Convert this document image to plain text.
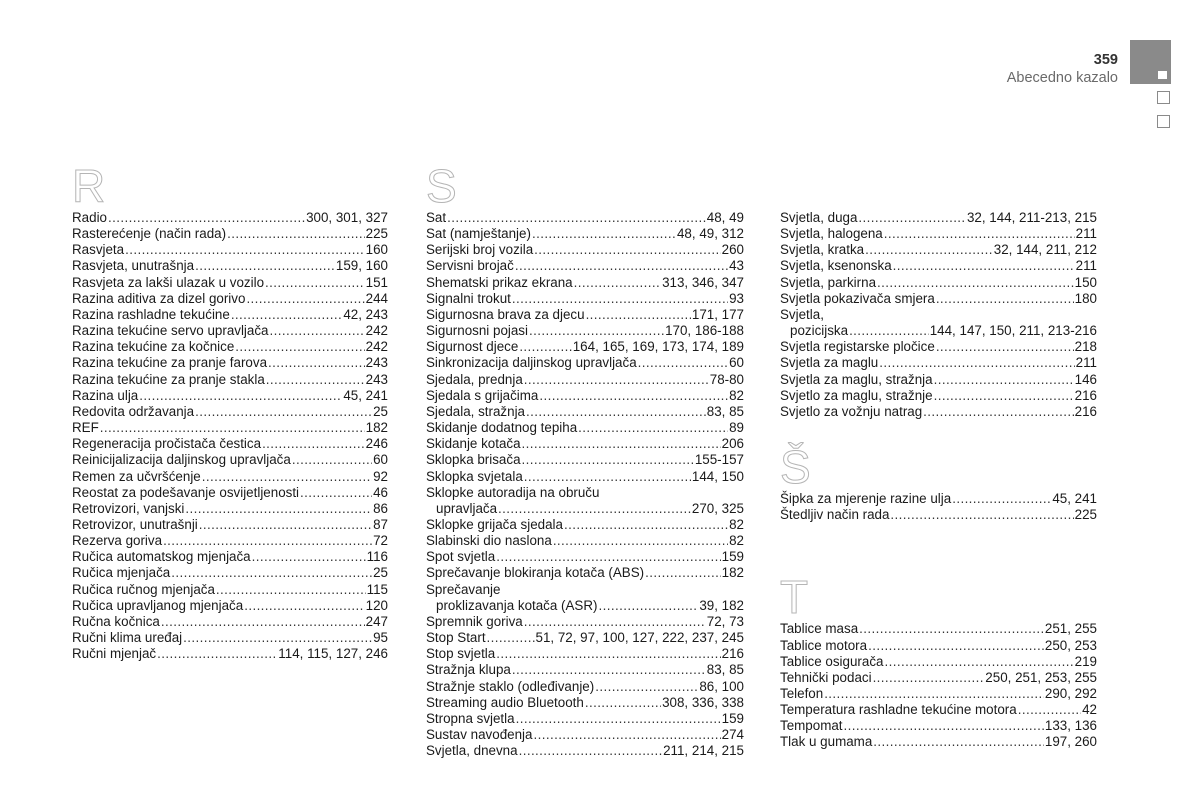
359
Abecedno kazalo
R
Radio .....	300, 301, 327
Rasterećenje (način rada) .....	225
Rasvjeta .....	160
Rasvjeta, unutrašnja .....	159, 160
Rasvjeta za lakši ulazak u vozilo .....	151
Razina aditiva za dizel gorivo .....	244
Razina rashladne tekućine .....	42, 243
Razina tekućine servo upravljača .....	242
Razina tekućine za kočnice .....	242
Razina tekućine za pranje farova .....	243
Razina tekućine za pranje stakla .....	243
Razina ulja .....	45, 241
Redovita održavanja .....	25
REF .....	182
Regeneracija pročistača čestica .....	246
Reinicijalizacija daljinskog upravljača .....	60
Remen za učvršćenje .....	92
Reostat za podešavanje osvijetljenosti .....	46
Retrovizori, vanjski .....	86
Retrovizor, unutrašnji .....	87
Rezerva goriva .....	72
Ručica automatskog mjenjača .....	116
Ručica mjenjača .....	25
Ručica ručnog mjenjača .....	115
Ručica upravljanog mjenjača .....	120
Ručna kočnica .....	247
Ručni klima uređaj .....	95
Ručni mjenjač .....	114, 115, 127, 246
S
Sat .....	48, 49
Sat (namještanje) .....	48, 49, 312
Serijski broj vozila .....	260
Servisni brojač .....	43
Shematski prikaz ekrana .....	313, 346, 347
Signalni trokut .....	93
Sigurnosna brava za djecu .....	171, 177
Sigurnosni pojasi .....	170, 186-188
Sigurnost djece .....	164, 165, 169, 173, 174, 189
Sinkronizacija daljinskog upravljača .....	60
Sjedala, prednja .....	78-80
Sjedala s grijačima .....	82
Sjedala, stražnja .....	83, 85
Skidanje dodatnog tepiha .....	89
Skidanje kotača .....	206
Sklopka brisača .....	155-157
Sklopka svjetala .....	144, 150
Sklopke autoradija na obruču
upravljača .....	270, 325
Sklopke grijača sjedala .....	82
Slabinski dio naslona .....	82
Spot svjetla .....	159
Sprečavanje blokiranja kotača (ABS) .....	182
Sprečavanje
proklizavanja kotača (ASR) .....	39, 182
Spremnik goriva .....	72, 73
Stop Start .....	51, 72, 97, 100, 127, 222, 237, 245
Stop svjetla .....	216
Stražnja klupa .....	83, 85
Stražnje staklo (odleđivanje) .....	86, 100
Streaming audio Bluetooth .....	308, 336, 338
Stropna svjetla .....	159
Sustav navođenja .....	274
Svjetla, dnevna .....	211, 214, 215
Svjetla, duga .....	32, 144, 211-213, 215
Svjetla, halogena .....	211
Svjetla, kratka .....	32, 144, 211, 212
Svjetla, ksenonska .....	211
Svjetla, parkirna .....	150
Svjetla pokazivača smjera .....	180
Svjetla,
pozicijska .....	144, 147, 150, 211, 213-216
Svjetla registarske pločice .....	218
Svjetla za maglu .....	211
Svjetla za maglu, stražnja .....	146
Svjetlo za maglu, stražnje .....	216
Svjetlo za vožnju natrag .....	216
Š
Šipka za mjerenje razine ulja .....	45, 241
Štedljiv način rada .....	225
T
Tablice masa .....	251, 255
Tablice motora .....	250, 253
Tablice osigurača .....	219
Tehnički podaci .....	250, 251, 253, 255
Telefon .....	290, 292
Temperatura rashladne tekućine motora .....	42
Tempomat .....	133, 136
Tlak u gumama .....	197, 260
